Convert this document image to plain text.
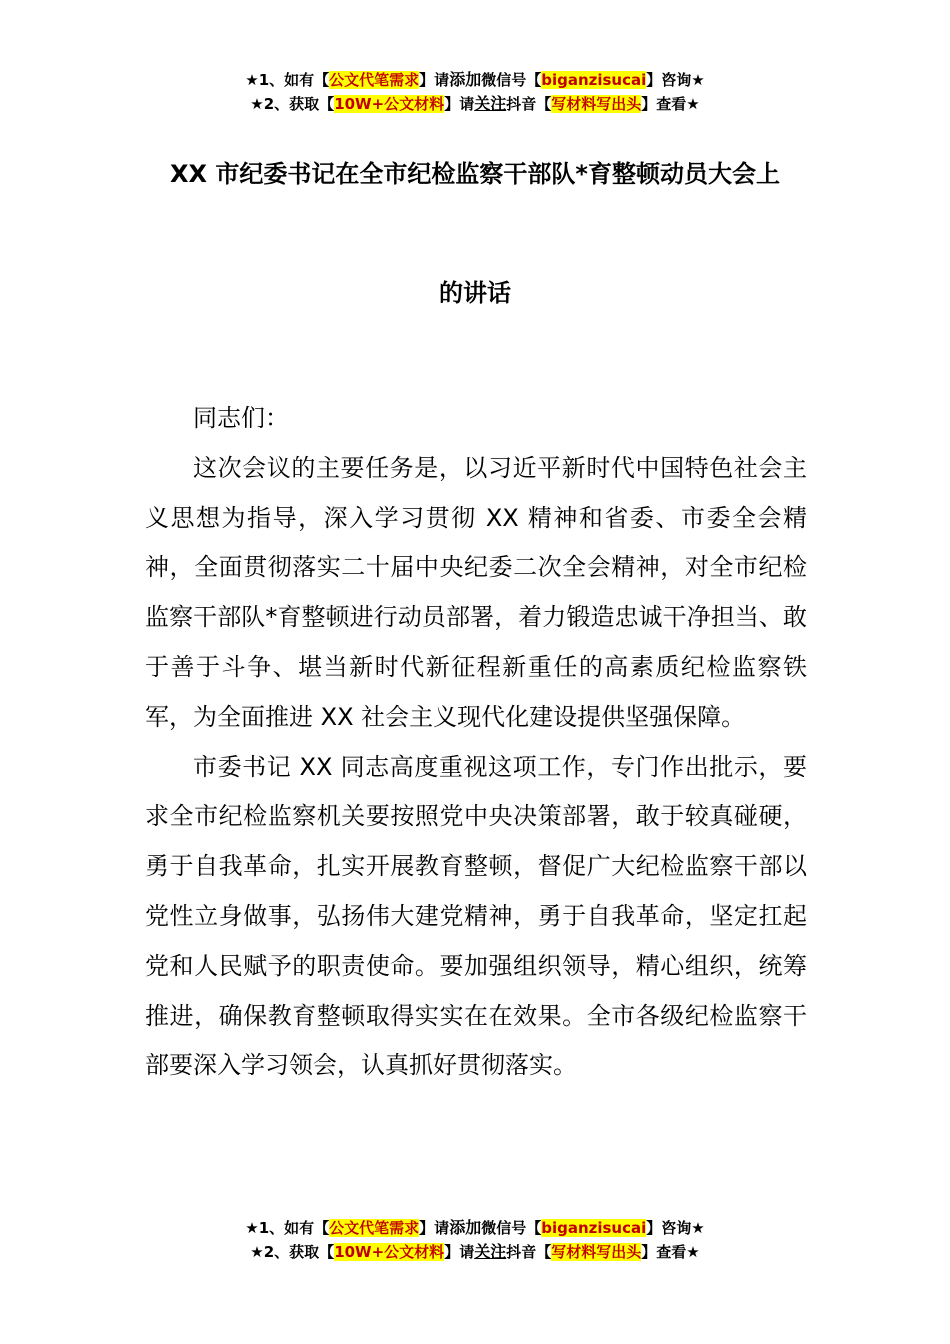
★1、如有【公文代笔需求】请添加微信号【biganzisucai】咨询★
★2、获取【10W+公文材料】请关注抖音【写材料写出头】查看★
XX 市纪委书记在全市纪检监察干部队*育整顿动员大会上
的讲话

同志们：

这次会议的主要任务是，以习近平新时代中国特色社会主义思想为指导，深入学习贯彻 XX 精神和省委、市委全会精神，全面贯彻落实二十届中央纪委二次全会精神，对全市纪检监察干部队*育整顿进行动员部署，着力锻造忠诚干净担当、敢于善于斗争、堪当新时代新征程新重任的高素质纪检监察铁军，为全面推进 XX 社会主义现代化建设提供坚强保障。

市委书记 XX 同志高度重视这项工作，专门作出批示，要求全市纪检监察机关要按照党中央决策部署，敢于较真碰硬，勇于自我革命，扎实开展教育整顿，督促广大纪检监察干部以党性立身做事，弘扬伟大建党精神，勇于自我革命，坚定扛起党和人民赋予的职责使命。要加强组织领导，精心组织，统筹推进，确保教育整顿取得实实在在效果。全市各级纪检监察干部要深入学习领会，认真抓好贯彻落实。

★1、如有【公文代笔需求】请添加微信号【biganzisucai】咨询★
★2、获取【10W+公文材料】请关注抖音【写材料写出头】查看★
